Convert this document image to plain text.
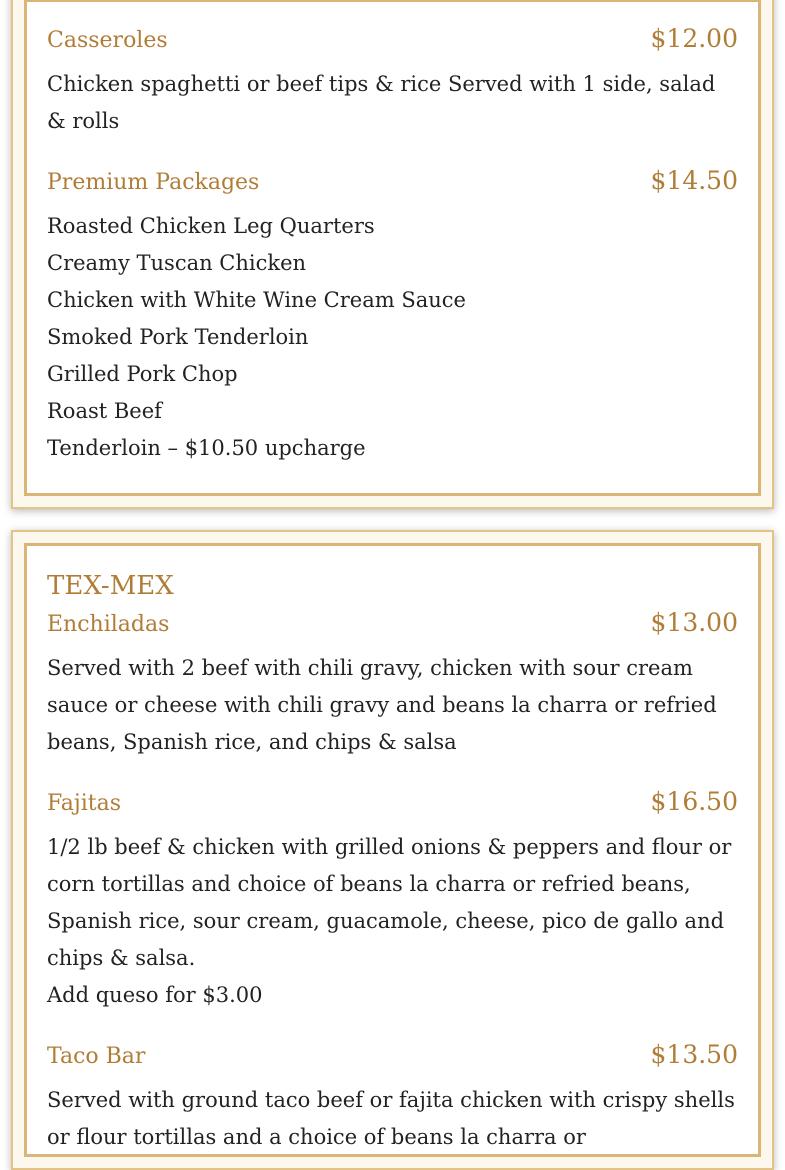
Casseroles	$12.00
Chicken spaghetti or beef tips & rice Served with 1 side, salad & rolls
Premium Packages	$14.50
Roasted Chicken Leg Quarters
Creamy Tuscan Chicken
Chicken with White Wine Cream Sauce
Smoked Pork Tenderloin
Grilled Pork Chop
Roast Beef
Tenderloin – $10.50 upcharge
TEX-MEX
Enchiladas	$13.00
Served with 2 beef with chili gravy, chicken with sour cream sauce or cheese with chili gravy and beans la charra or refried beans, Spanish rice, and chips & salsa
Fajitas	$16.50
1/2 lb beef & chicken with grilled onions & peppers and flour or corn tortillas and choice of beans la charra or refried beans, Spanish rice, sour cream, guacamole, cheese, pico de gallo and chips & salsa.
Add queso for $3.00
Taco Bar	$13.50
Served with ground taco beef or fajita chicken with crispy shells or flour tortillas and a choice of beans la charra or
